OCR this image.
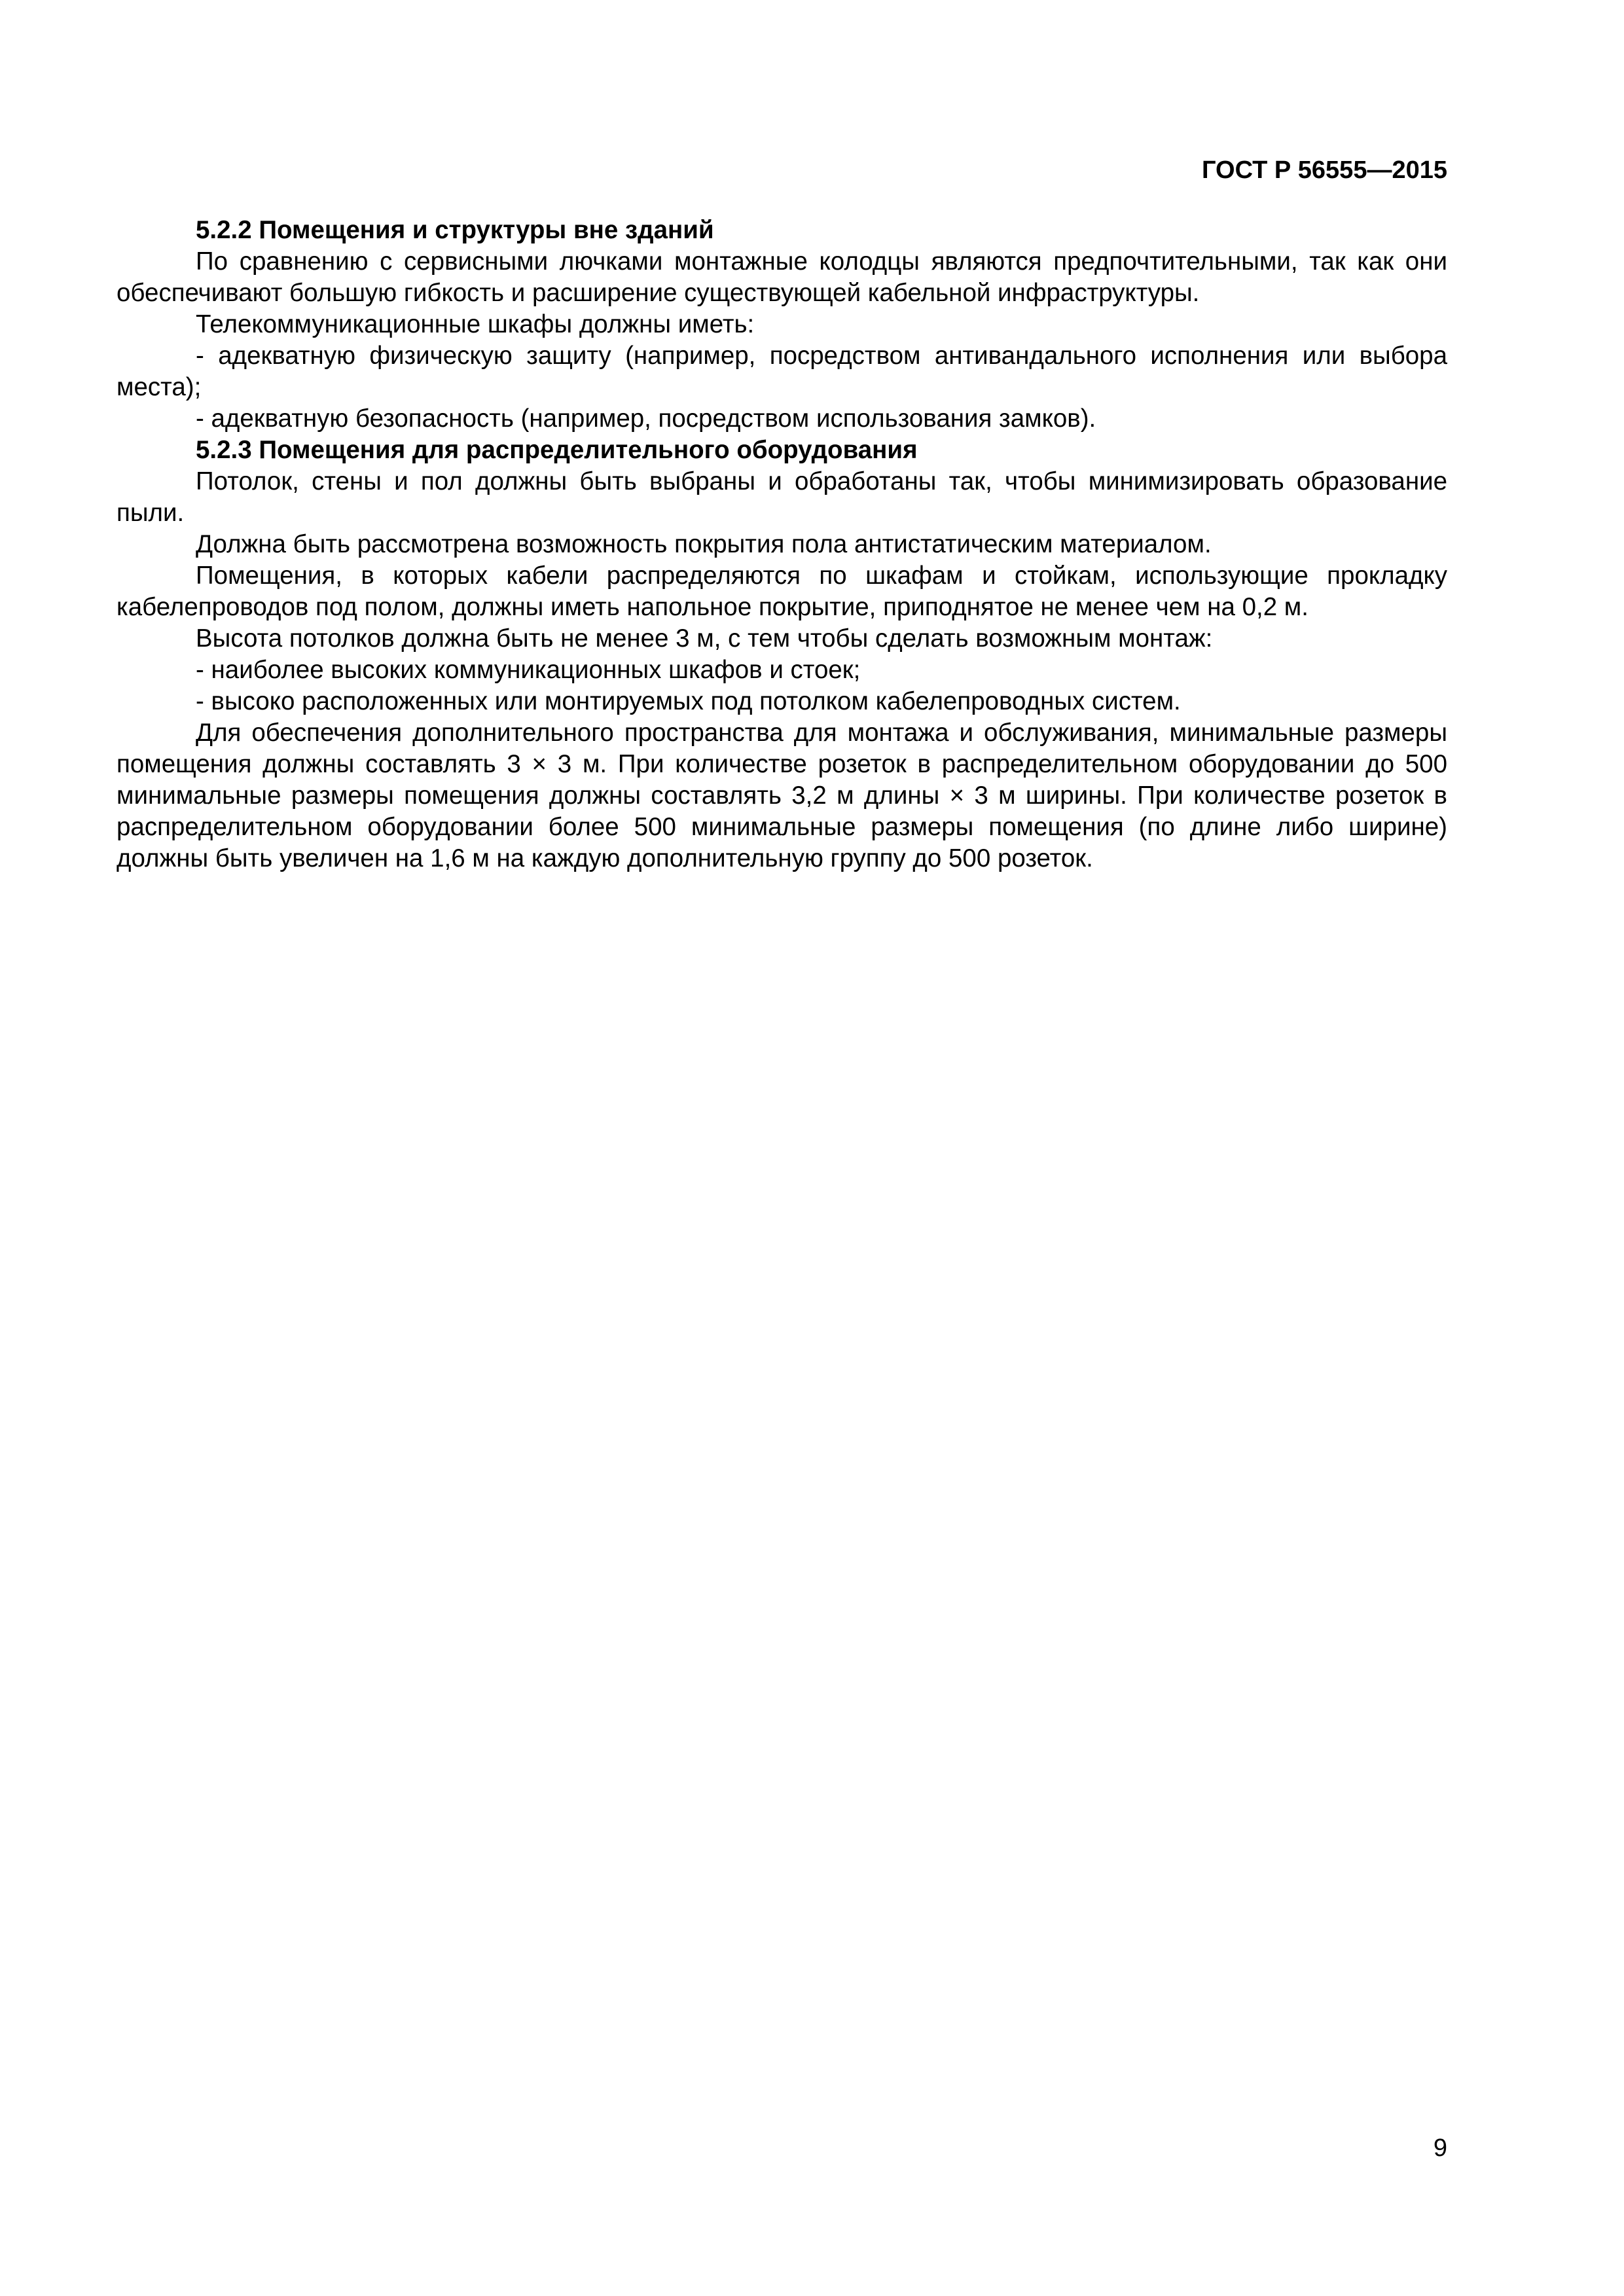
ГОСТ Р 56555—2015

5.2.2 Помещения и структуры вне зданий

По сравнению с сервисными лючками монтажные колодцы являются предпочтительными, так как они обеспечивают большую гибкость и расширение существующей кабельной инфраструктуры.

Телекоммуникационные шкафы должны иметь:

- адекватную физическую защиту (например, посредством антивандального исполнения или выбора места);

- адекватную безопасность (например, посредством использования замков).

5.2.3 Помещения для распределительного оборудования

Потолок, стены и пол должны быть выбраны и обработаны так, чтобы минимизировать образование пыли.

Должна быть рассмотрена возможность покрытия пола антистатическим материалом.

Помещения, в которых кабели распределяются по шкафам и стойкам, использующие прокладку кабелепроводов под полом, должны иметь напольное покрытие, приподнятое не менее чем на 0,2 м.

Высота потолков должна быть не менее 3 м, с тем чтобы сделать возможным монтаж:

- наиболее высоких коммуникационных шкафов и стоек;

- высоко расположенных или монтируемых под потолком кабелепроводных систем.

Для обеспечения дополнительного пространства для монтажа и обслуживания, минимальные размеры помещения должны составлять 3 × 3 м. При количестве розеток в распределительном оборудовании до 500 минимальные размеры помещения должны составлять 3,2 м длины × 3 м ширины. При количестве розеток в распределительном оборудовании более 500 минимальные размеры помещения (по длине либо ширине) должны быть увеличен на 1,6 м на каждую дополнительную группу до 500 розеток.

9
